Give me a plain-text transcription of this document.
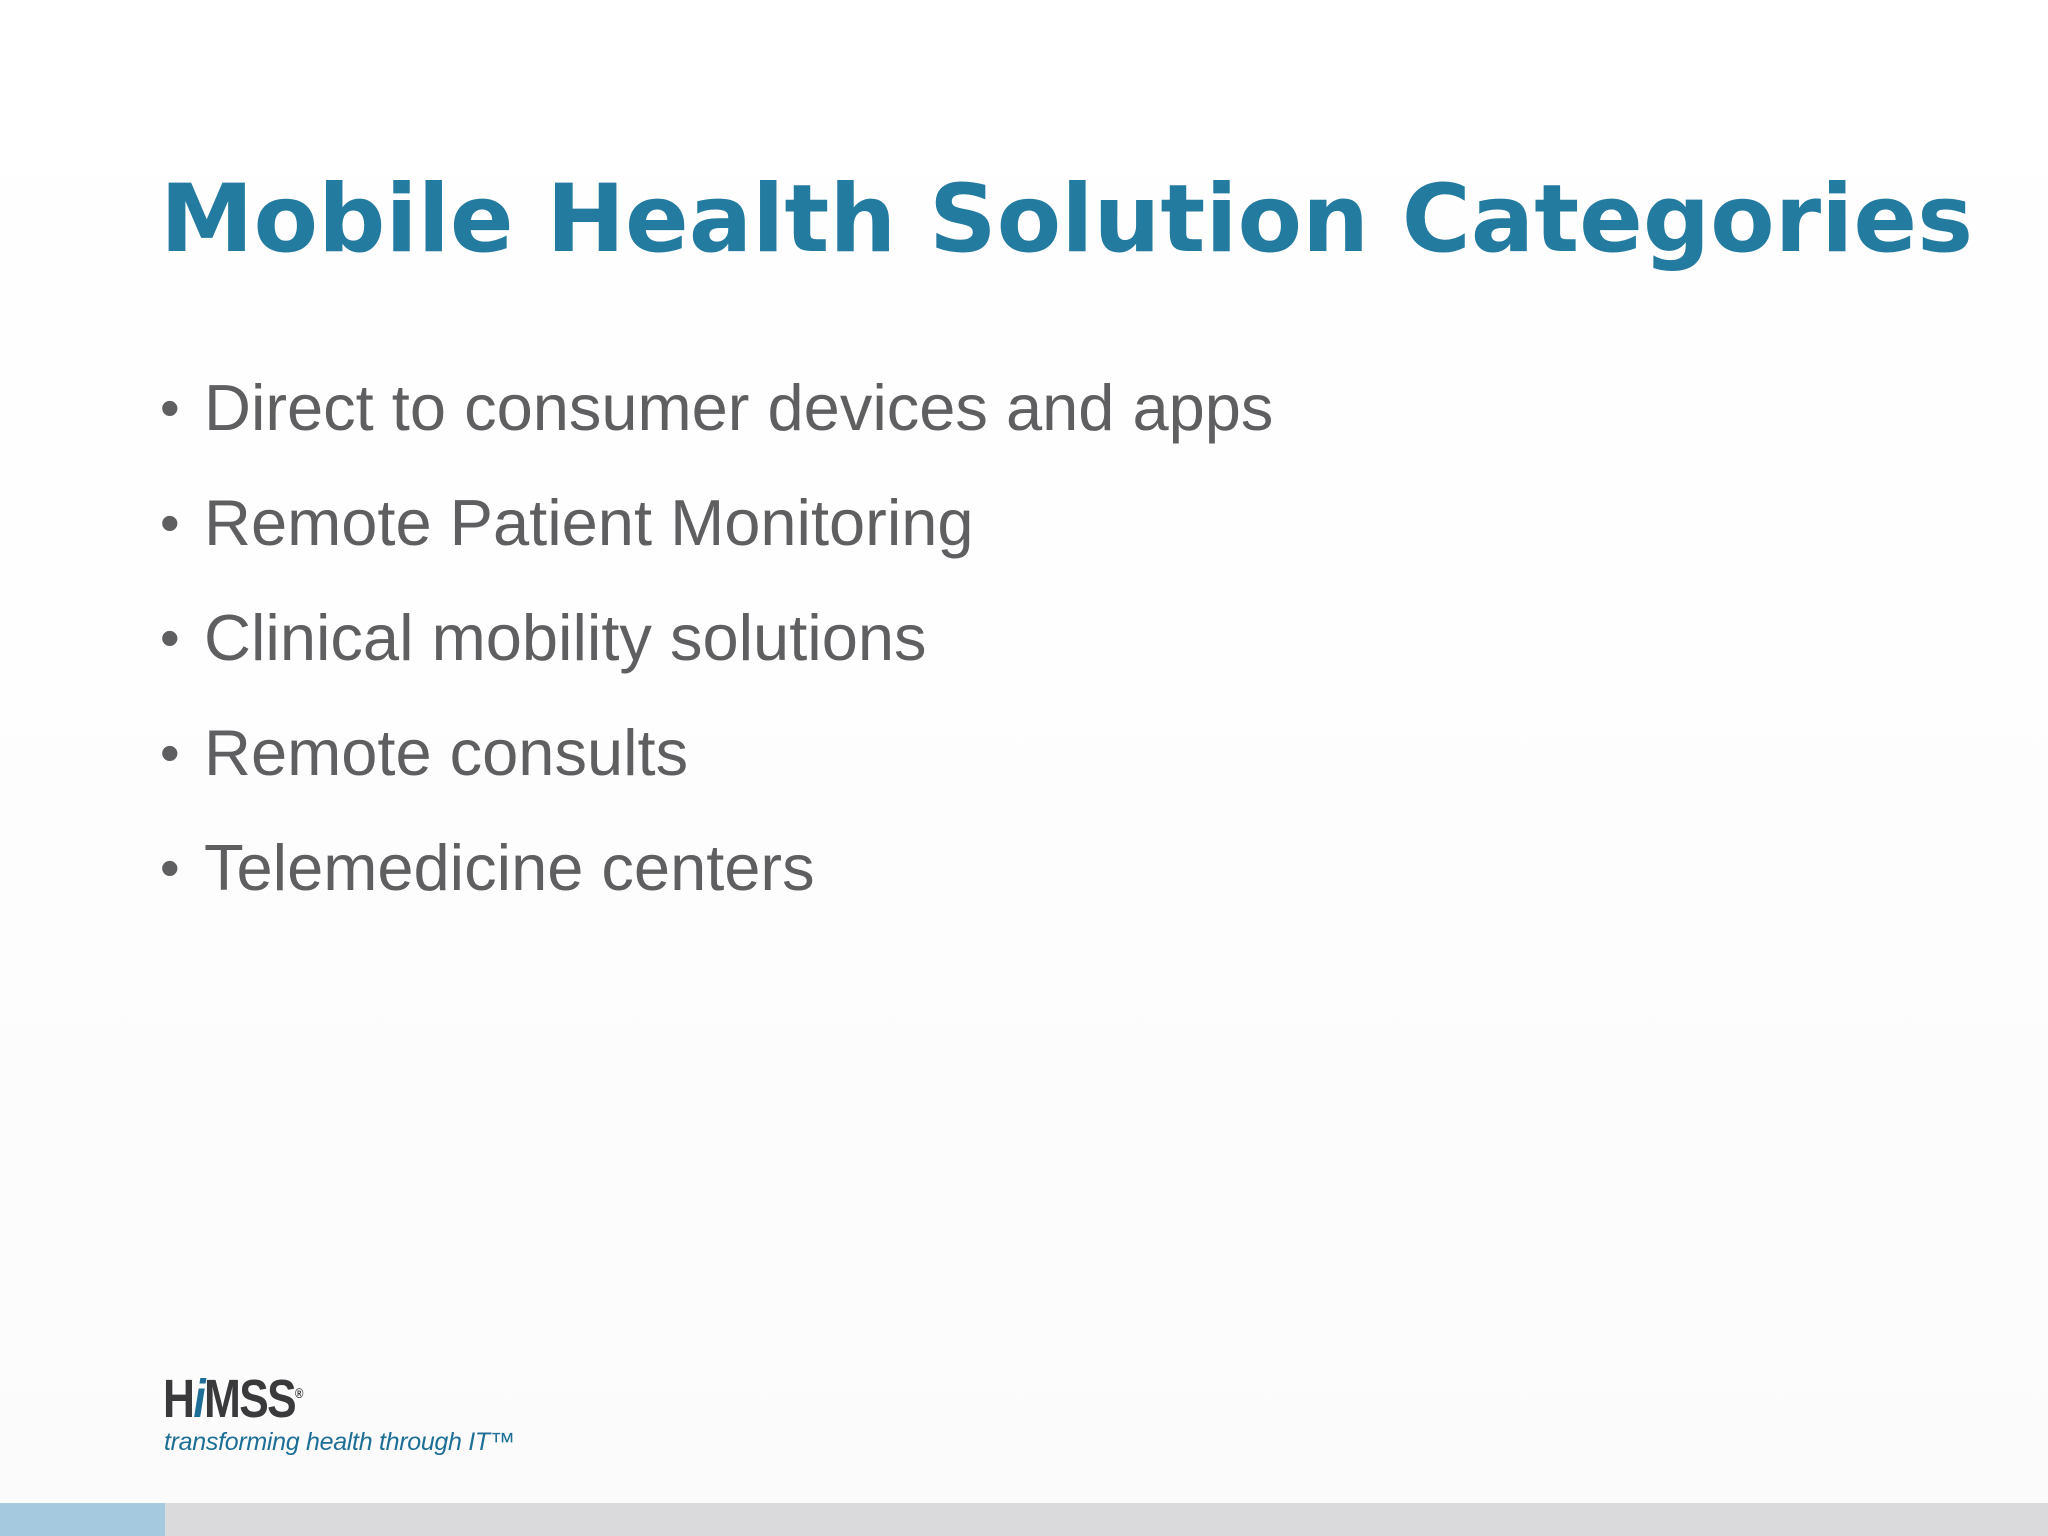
Mobile Health Solution Categories
• Direct to consumer devices and apps
• Remote Patient Monitoring
• Clinical mobility solutions
• Remote consults
• Telemedicine centers
HiMSS®
transforming health through IT™
